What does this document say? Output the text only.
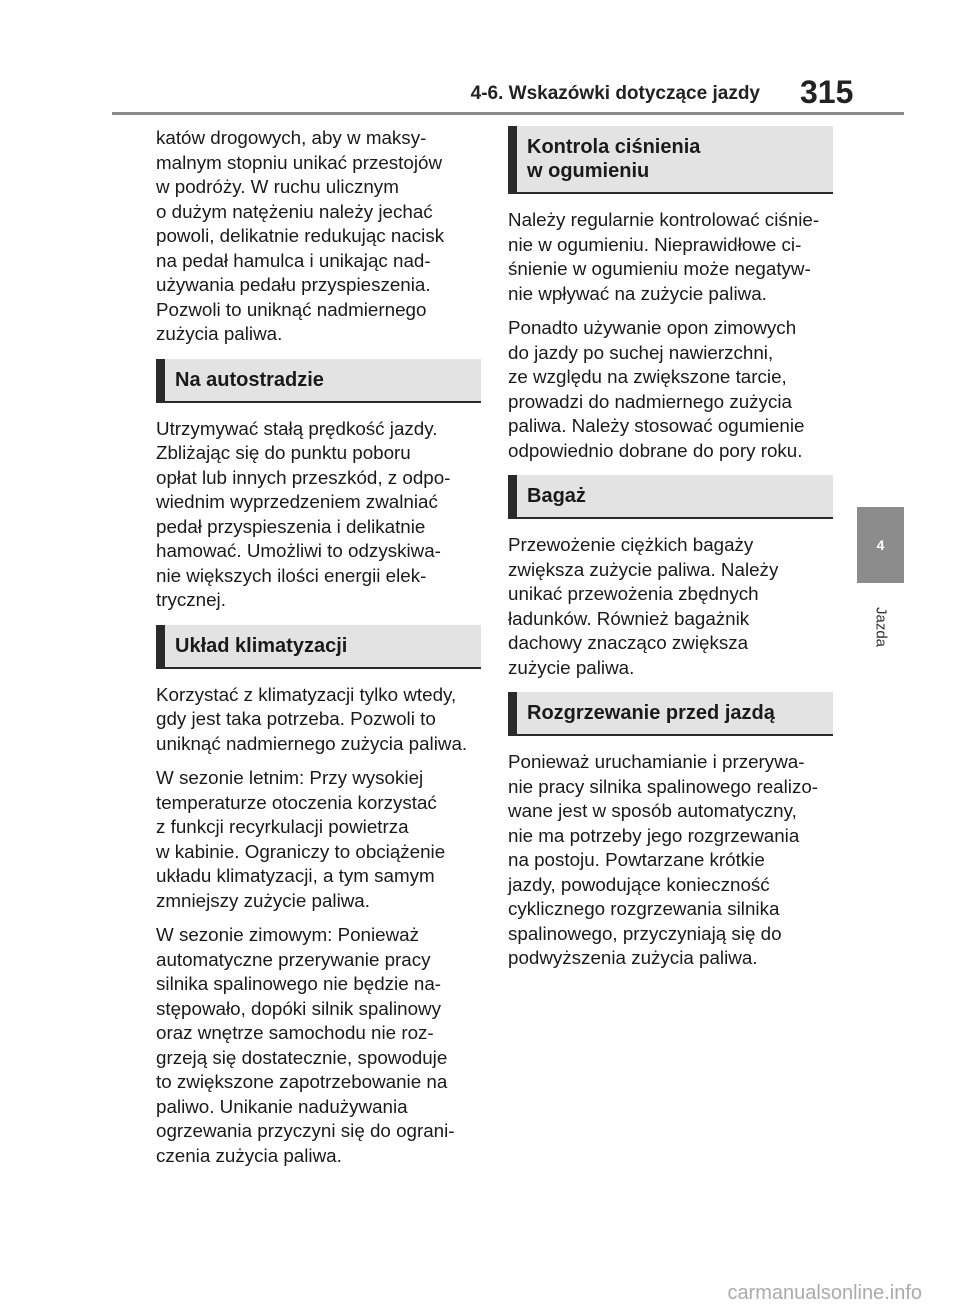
4-6. Wskazówki dotyczące jazdy 315

katów drogowych, aby w maksy-
malnym stopniu unikać przestojów
w podróży. W ruchu ulicznym
o dużym natężeniu należy jechać
powoli, delikatnie redukując nacisk
na pedał hamulca i unikając nad-
używania pedału przyspieszenia.
Pozwoli to uniknąć nadmiernego
zużycia paliwa.

Na autostradzie

Utrzymywać stałą prędkość jazdy.
Zbliżając się do punktu poboru
opłat lub innych przeszkód, z odpo-
wiednim wyprzedzeniem zwalniać
pedał przyspieszenia i delikatnie
hamować. Umożliwi to odzyskiwa-
nie większych ilości energii elek-
trycznej.

Układ klimatyzacji

Korzystać z klimatyzacji tylko wtedy,
gdy jest taka potrzeba. Pozwoli to
uniknąć nadmiernego zużycia paliwa.

W sezonie letnim: Przy wysokiej
temperaturze otoczenia korzystać
z funkcji recyrkulacji powietrza
w kabinie. Ograniczy to obciążenie
układu klimatyzacji, a tym samym
zmniejszy zużycie paliwa.

W sezonie zimowym: Ponieważ
automatyczne przerywanie pracy
silnika spalinowego nie będzie na-
stępowało, dopóki silnik spalinowy
oraz wnętrze samochodu nie roz-
grzeją się dostatecznie, spowoduje
to zwiększone zapotrzebowanie na
paliwo. Unikanie nadużywania
ogrzewania przyczyni się do ograni-
czenia zużycia paliwa.

Kontrola ciśnienia
w ogumieniu

Należy regularnie kontrolować ciśnie-
nie w ogumieniu. Nieprawidłowe ci-
śnienie w ogumieniu może negatyw-
nie wpływać na zużycie paliwa.

Ponadto używanie opon zimowych
do jazdy po suchej nawierzchni,
ze względu na zwiększone tarcie,
prowadzi do nadmiernego zużycia
paliwa. Należy stosować ogumienie
odpowiednio dobrane do pory roku.

Bagaż

Przewożenie ciężkich bagaży
zwiększa zużycie paliwa. Należy
unikać przewożenia zbędnych
ładunków. Również bagażnik
dachowy znacząco zwiększa
zużycie paliwa.

Rozgrzewanie przed jazdą

Ponieważ uruchamianie i przerywa-
nie pracy silnika spalinowego realizo-
wane jest w sposób automatyczny,
nie ma potrzeby jego rozgrzewania
na postoju. Powtarzane krótkie
jazdy, powodujące konieczność
cyklicznego rozgrzewania silnika
spalinowego, przyczyniają się do
podwyższenia zużycia paliwa.

4
Jazda
carmanualsonline.info
